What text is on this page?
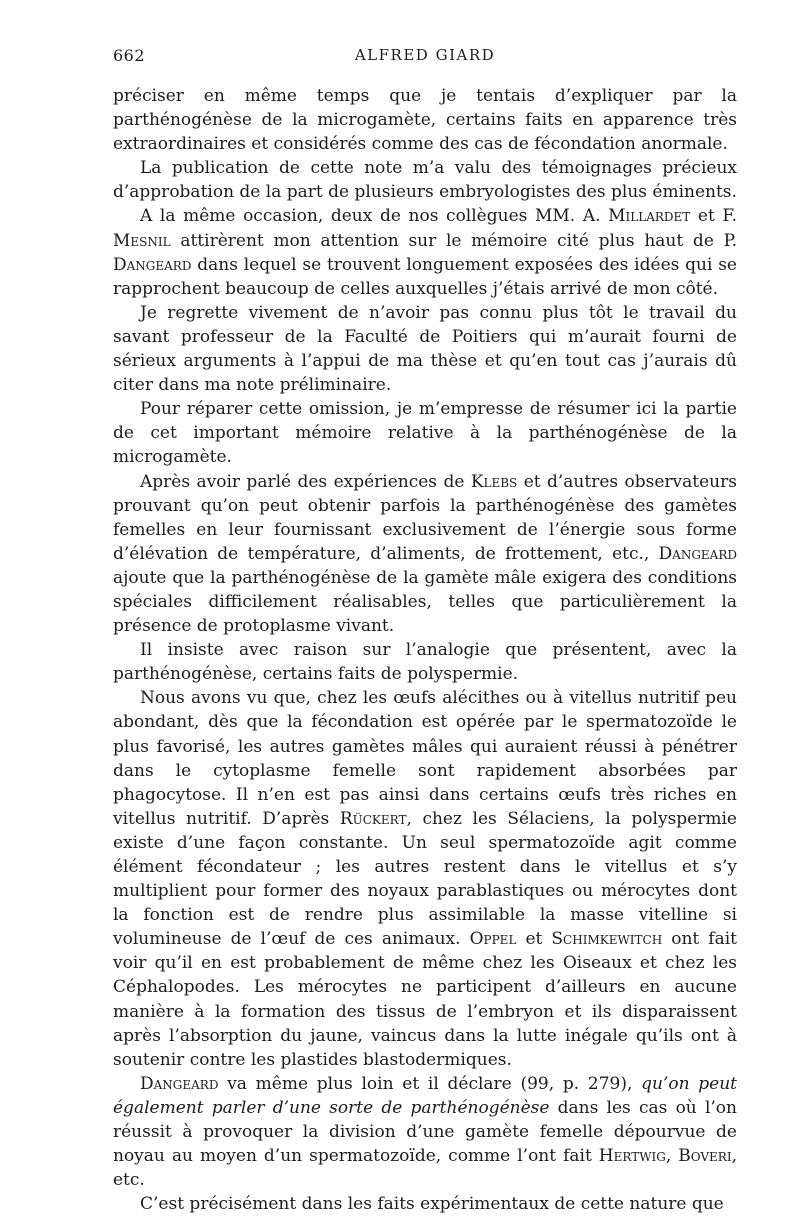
662	ALFRED GIARD

préciser en même temps que je tentais d’expliquer par la parthénogénèse de la microgamète, certains faits en apparence très extraordinaires et considérés comme des cas de fécondation anormale.

La publication de cette note m’a valu des témoignages précieux d’approbation de la part de plusieurs embryologistes des plus éminents.

A la même occasion, deux de nos collègues MM. A. Millardet et F. Mesnil attirèrent mon attention sur le mémoire cité plus haut de P. Dangeard dans lequel se trouvent longuement exposées des idées qui se rapprochent beaucoup de celles auxquelles j’étais arrivé de mon côté.

Je regrette vivement de n’avoir pas connu plus tôt le travail du savant professeur de la Faculté de Poitiers qui m’aurait fourni de sérieux arguments à l’appui de ma thèse et qu’en tout cas j’aurais dû citer dans ma note préliminaire.

Pour réparer cette omission, je m’empresse de résumer ici la partie de cet important mémoire relative à la parthénogénèse de la microgamète.

Après avoir parlé des expériences de Klebs et d’autres observateurs prouvant qu’on peut obtenir parfois la parthénogénèse des gamètes femelles en leur fournissant exclusivement de l’énergie sous forme d’élévation de température, d’aliments, de frottement, etc., Dangeard ajoute que la parthénogénèse de la gamète mâle exigera des conditions spéciales difficilement réalisables, telles que particulièrement la présence de protoplasme vivant.

Il insiste avec raison sur l’analogie que présentent, avec la parthénogénèse, certains faits de polyspermie.

Nous avons vu que, chez les œufs alécithes ou à vitellus nutritif peu abondant, dès que la fécondation est opérée par le spermatozoïde le plus favorisé, les autres gamètes mâles qui auraient réussi à pénétrer dans le cytoplasme femelle sont rapidement absorbées par phagocytose. Il n’en est pas ainsi dans certains œufs très riches en vitellus nutritif. D’après Rückert, chez les Sélaciens, la polyspermie existe d’une façon constante. Un seul spermatozoïde agit comme élément fécondateur ; les autres restent dans le vitellus et s’y multiplient pour former des noyaux parablastiques ou mérocytes dont la fonction est de rendre plus assimilable la masse vitelline si volumineuse de l’œuf de ces animaux. Oppel et Schimkewitch ont fait voir qu’il en est probablement de même chez les Oiseaux et chez les Céphalopodes. Les mérocytes ne participent d’ailleurs en aucune manière à la formation des tissus de l’embryon et ils disparaissent après l’absorption du jaune, vaincus dans la lutte inégale qu’ils ont à soutenir contre les plastides blastodermiques.

Dangeard va même plus loin et il déclare (99, p. 279), qu’on peut également parler d’une sorte de parthénogénèse dans les cas où l’on réussit à provoquer la division d’une gamète femelle dépourvue de noyau au moyen d’un spermatozoïde, comme l’ont fait Hertwig, Boveri, etc.

C’est précisément dans les faits expérimentaux de cette nature que
